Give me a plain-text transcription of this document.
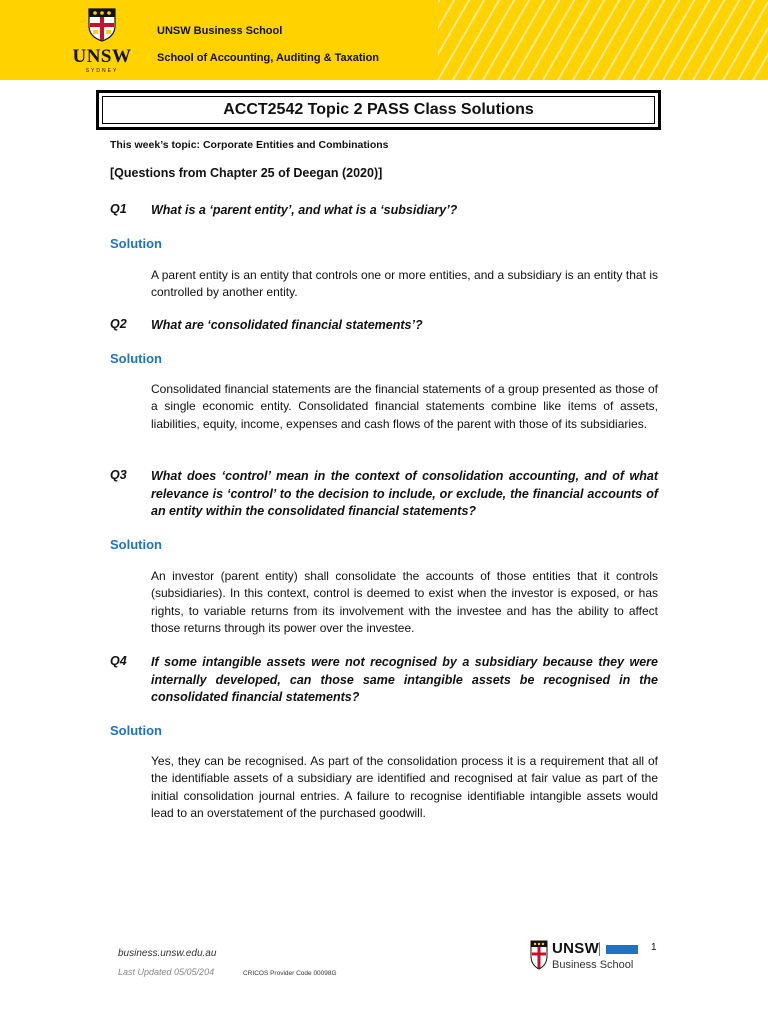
UNSW
SYDNEY
UNSW Business School
School of Accounting, Auditing & Taxation
ACCT2542 Topic 2 PASS Class Solutions
This week’s topic: Corporate Entities and Combinations
[Questions from Chapter 25 of Deegan (2020)]
Q1 What is a ‘parent entity’, and what is a ‘subsidiary’?
Solution
A parent entity is an entity that controls one or more entities, and a subsidiary is an entity that is controlled by another entity.
Q2 What are ‘consolidated financial statements’?
Solution
Consolidated financial statements are the financial statements of a group presented as those of a single economic entity. Consolidated financial statements combine like items of assets, liabilities, equity, income, expenses and cash flows of the parent with those of its subsidiaries.
Q3 What does ‘control’ mean in the context of consolidation accounting, and of what relevance is ‘control’ to the decision to include, or exclude, the financial accounts of an entity within the consolidated financial statements?
Solution
An investor (parent entity) shall consolidate the accounts of those entities that it controls (subsidiaries). In this context, control is deemed to exist when the investor is exposed, or has rights, to variable returns from its involvement with the investee and has the ability to affect those returns through its power over the investee.
Q4 If some intangible assets were not recognised by a subsidiary because they were internally developed, can those same intangible assets be recognised in the consolidated financial statements?
Solution
Yes, they can be recognised. As part of the consolidation process it is a requirement that all of the identifiable assets of a subsidiary are identified and recognised at fair value as part of the initial consolidation journal entries. A failure to recognise identifiable intangible assets would lead to an overstatement of the purchased goodwill.
business.unsw.edu.au
Last Updated 05/05/204	CRICOS Provider Code 00098G
1
UNSW
Business School
